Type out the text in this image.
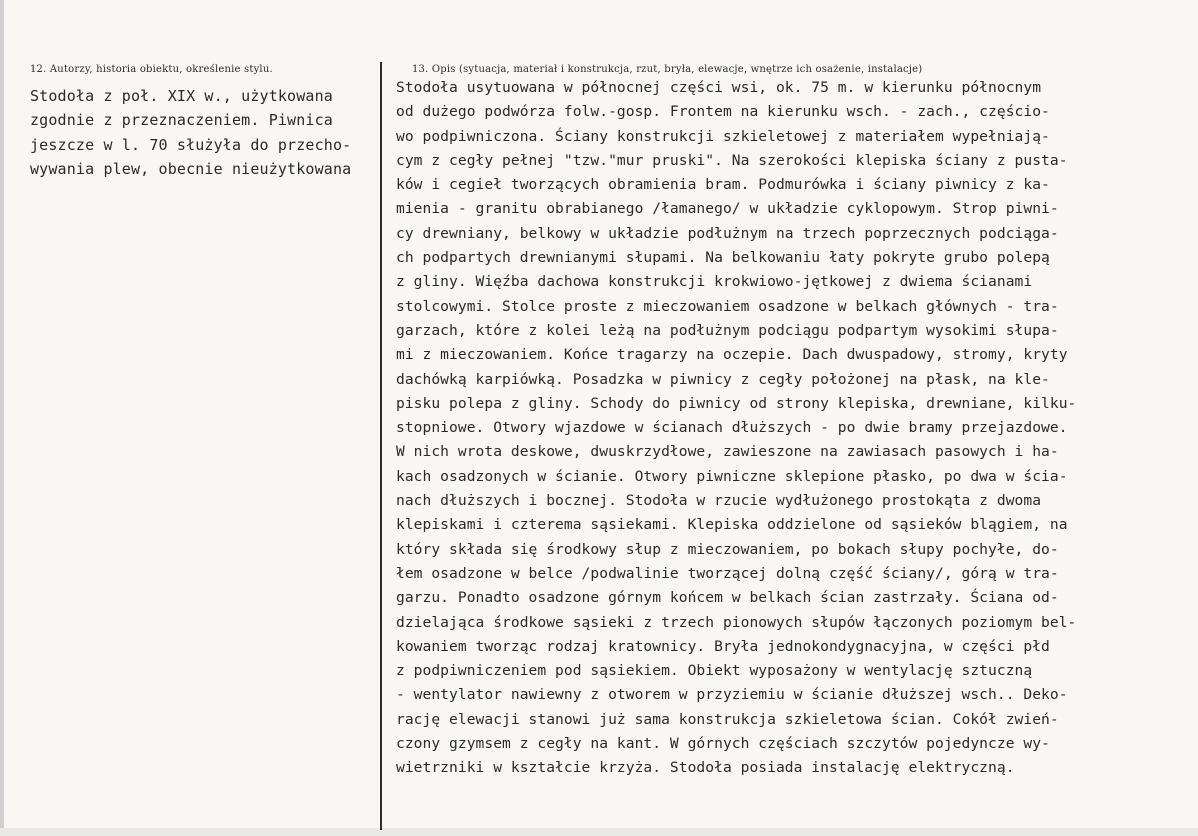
12. Autorzy, historia obiektu, określenie stylu.	13. Opis (sytuacja, materiał i konstrukcja, rzut, bryła, elewacje, wnętrze ich osażenie, instalacje)
Stodoła z poł. XIX w., użytkowana
zgodnie z przeznaczeniem. Piwnica
jeszcze w l. 70 służyła do przecho-
wywania plew, obecnie nieużytkowana
Stodoła usytuowana w północnej części wsi, ok. 75 m. w kierunku północnym
od dużego podwórza folw.-gosp. Frontem na kierunku wsch. - zach., częścio-
wo podpiwniczona. Ściany konstrukcji szkieletowej z materiałem wypełniają-
cym z cegły pełnej "tzw."mur pruski". Na szerokości klepiska ściany z pusta-
ków i cegieł tworzących obramienia bram. Podmurówka i ściany piwnicy z ka-
mienia - granitu obrabianego /łamanego/ w układzie cyklopowym. Strop piwni-
cy drewniany, belkowy w układzie podłużnym na trzech poprzecznych podciąga-
ch podpartych drewnianymi słupami. Na belkowaniu łaty pokryte grubo polepą
z gliny. Więźba dachowa konstrukcji krokwiowo-jętkowej z dwiema ścianami
stolcowymi. Stolce proste z mieczowaniem osadzone w belkach głównych - tra-
garzach, które z kolei leżą na podłużnym podciągu podpartym wysokimi słupa-
mi z mieczowaniem. Końce tragarzy na oczepie. Dach dwuspadowy, stromy, kryty
dachówką karpiówką. Posadzka w piwnicy z cegły położonej na płask, na kle-
pisku polepa z gliny. Schody do piwnicy od strony klepiska, drewniane, kilku-
stopniowe. Otwory wjazdowe w ścianach dłuższych - po dwie bramy przejazdowe.
W nich wrota deskowe, dwuskrzydłowe, zawieszone na zawiasach pasowych i ha-
kach osadzonych w ścianie. Otwory piwniczne sklepione płasko, po dwa w ścia-
nach dłuższych i bocznej. Stodoła w rzucie wydłużonego prostokąta z dwoma
klepiskami i czterema sąsiekami. Klepiska oddzielone od sąsieków blągiem, na
który składa się środkowy słup z mieczowaniem, po bokach słupy pochyłe, do-
łem osadzone w belce /podwalinie tworzącej dolną część ściany/, górą w tra-
garzu. Ponadto osadzone górnym końcem w belkach ścian zastrzały. Ściana od-
dzielająca środkowe sąsieki z trzech pionowych słupów łączonych poziomym bel-
kowaniem tworząc rodzaj kratownicy. Bryła jednokondygnacyjna, w części płd
z podpiwniczeniem pod sąsiekiem. Obiekt wyposażony w wentylację sztuczną
- wentylator nawiewny z otworem w przyziemiu w ścianie dłuższej wsch.. Deko-
rację elewacji stanowi już sama konstrukcja szkieletowa ścian. Cokół zwień-
czony gzymsem z cegły na kant. W górnych częściach szczytów pojedyncze wy-
wietrzniki w kształcie krzyża. Stodoła posiada instalację elektryczną.
